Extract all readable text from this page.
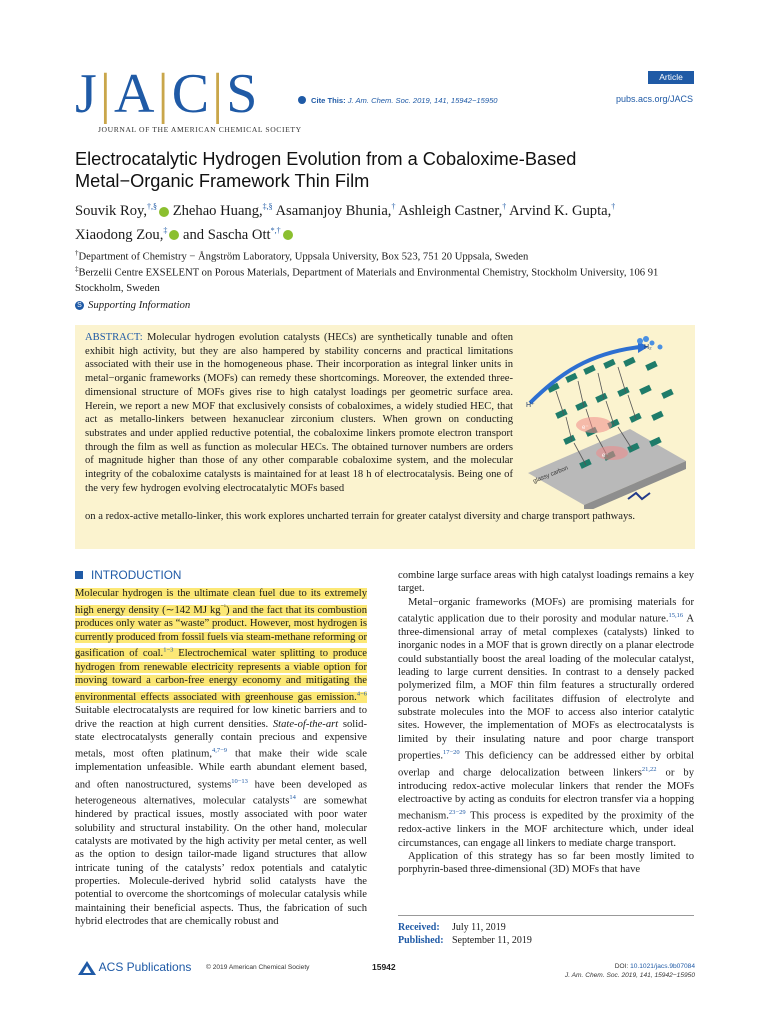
J|A|C|S
JOURNAL OF THE AMERICAN CHEMICAL SOCIETY
Cite This: J. Am. Chem. Soc. 2019, 141, 15942−15950
Article
pubs.acs.org/JACS
Electrocatalytic Hydrogen Evolution from a Cobaloxime-Based Metal−Organic Framework Thin Film
Souvik Roy,†,§ Zhehao Huang,‡,§ Asamanjoy Bhunia,† Ashleigh Castner,† Arvind K. Gupta,†
Xiaodong Zou,‡ and Sascha Ott*,†
†Department of Chemistry − Ångström Laboratory, Uppsala University, Box 523, 751 20 Uppsala, Sweden
‡Berzelii Centre EXSELENT on Porous Materials, Department of Materials and Environmental Chemistry, Stockholm University, 106 91 Stockholm, Sweden
S Supporting Information
ABSTRACT: Molecular hydrogen evolution catalysts (HECs) are synthetically tunable and often exhibit high activity, but they are also hampered by stability concerns and practical limitations associated with their use in the homogeneous phase. Their incorporation as integral linker units in metal−organic frameworks (MOFs) can remedy these shortcomings. Moreover, the extended three-dimensional structure of MOFs gives rise to high catalyst loadings per geometric surface area. Herein, we report a new MOF that exclusively consists of cobaloximes, a widely studied HEC, that act as metallo-linkers between hexanuclear zirconium clusters. When grown on conducting substrates and under applied reductive potential, the cobaloxime linkers promote electron transport through the film as well as function as molecular HECs. The obtained turnover numbers are orders of magnitude higher than those of any other comparable cobaloxime system, and the molecular integrity of the cobaloxime catalysts is maintained for at least 18 h of electrocatalysis. Being one of the very few hydrogen evolving electrocatalytic MOFs based
on a redox-active metallo-linker, this work explores uncharted terrain for greater catalyst diversity and charge transport pathways.
H₂
H⁺
e⁻
e⁻
glassy carbon
INTRODUCTION

Molecular hydrogen is the ultimate clean fuel due to its extremely high energy density (∼142 MJ $kg^{^{-1}}$) and the fact that its combustion produces only water as “waste” product. However, most hydrogen is currently produced from fossil fuels via steam-methane reforming or gasification of coal.$^{1-3}$ Electrochemical water splitting to produce hydrogen from renewable electricity represents a viable option for moving toward a carbon-free energy economy and mitigating the environmental effects associated with greenhouse gas emission.$^{4-6}$ Suitable electrocatalysts are required for low kinetic barriers and to drive the reaction at high current densities. State-of-the-art solid-state electrocatalysts generally contain precious and expensive metals, most often platinum,$^{4,7-9}$ that make their wide scale implementation unfeasible. While earth abundant element based, and often nanostructured, systems$^{10-13}$ have been developed as heterogeneous alternatives, molecular catalysts$^{14}$ are somewhat hindered by practical issues, mostly associated with poor water solubility and structural instability. On the other hand, molecular catalysts are motivated by the high activity per metal center, as well as the option to design tailor-made ligand structures that allow intricate tuning of the catalysts’ redox potentials and catalytic properties. Molecule-derived hybrid solid catalysts have the potential to overcome the shortcomings of molecular catalysis while maintaining their beneficial aspects. Thus, the fabrication of such hybrid electrodes that are chemically robust and

combine large surface areas with high catalyst loadings remains a key target.

Metal−organic frameworks (MOFs) are promising materials for catalytic application due to their porosity and modular nature.$^{15,16}$ A three-dimensional array of metal complexes (catalysts) linked to inorganic nodes in a MOF that is grown directly on a planar electrode could substantially boost the areal loading of the molecular catalyst, leading to large current densities. In contrast to a densely packed polymerized film, a MOF thin film features a structurally ordered porous network which facilitates diffusion of electrolyte and substrate molecules into the MOF to access also interior catalytic sites. However, the implementation of MOFs as electrocatalysts is limited by their insulating nature and poor charge transport properties.$^{17-20}$ This deficiency can be addressed either by orbital overlap and charge delocalization between linkers$^{21,22}$ or by introducing redox-active molecular linkers that render the MOFs electroactive by acting as conduits for electron transfer via a hopping mechanism.$^{23-29}$ This process is expedited by the proximity of the redox-active linkers in the MOF architecture which, under ideal circumstances, can engage all linkers to mediate charge transport.

Application of this strategy has so far been mostly limited to porphyrin-based three-dimensional (3D) MOFs that have

Received: July 11, 2019
Published: September 11, 2019
ACS Publications © 2019 American Chemical Society	15942	DOI: 10.1021/jacs.9b07084
J. Am. Chem. Soc. 2019, 141, 15942−15950
